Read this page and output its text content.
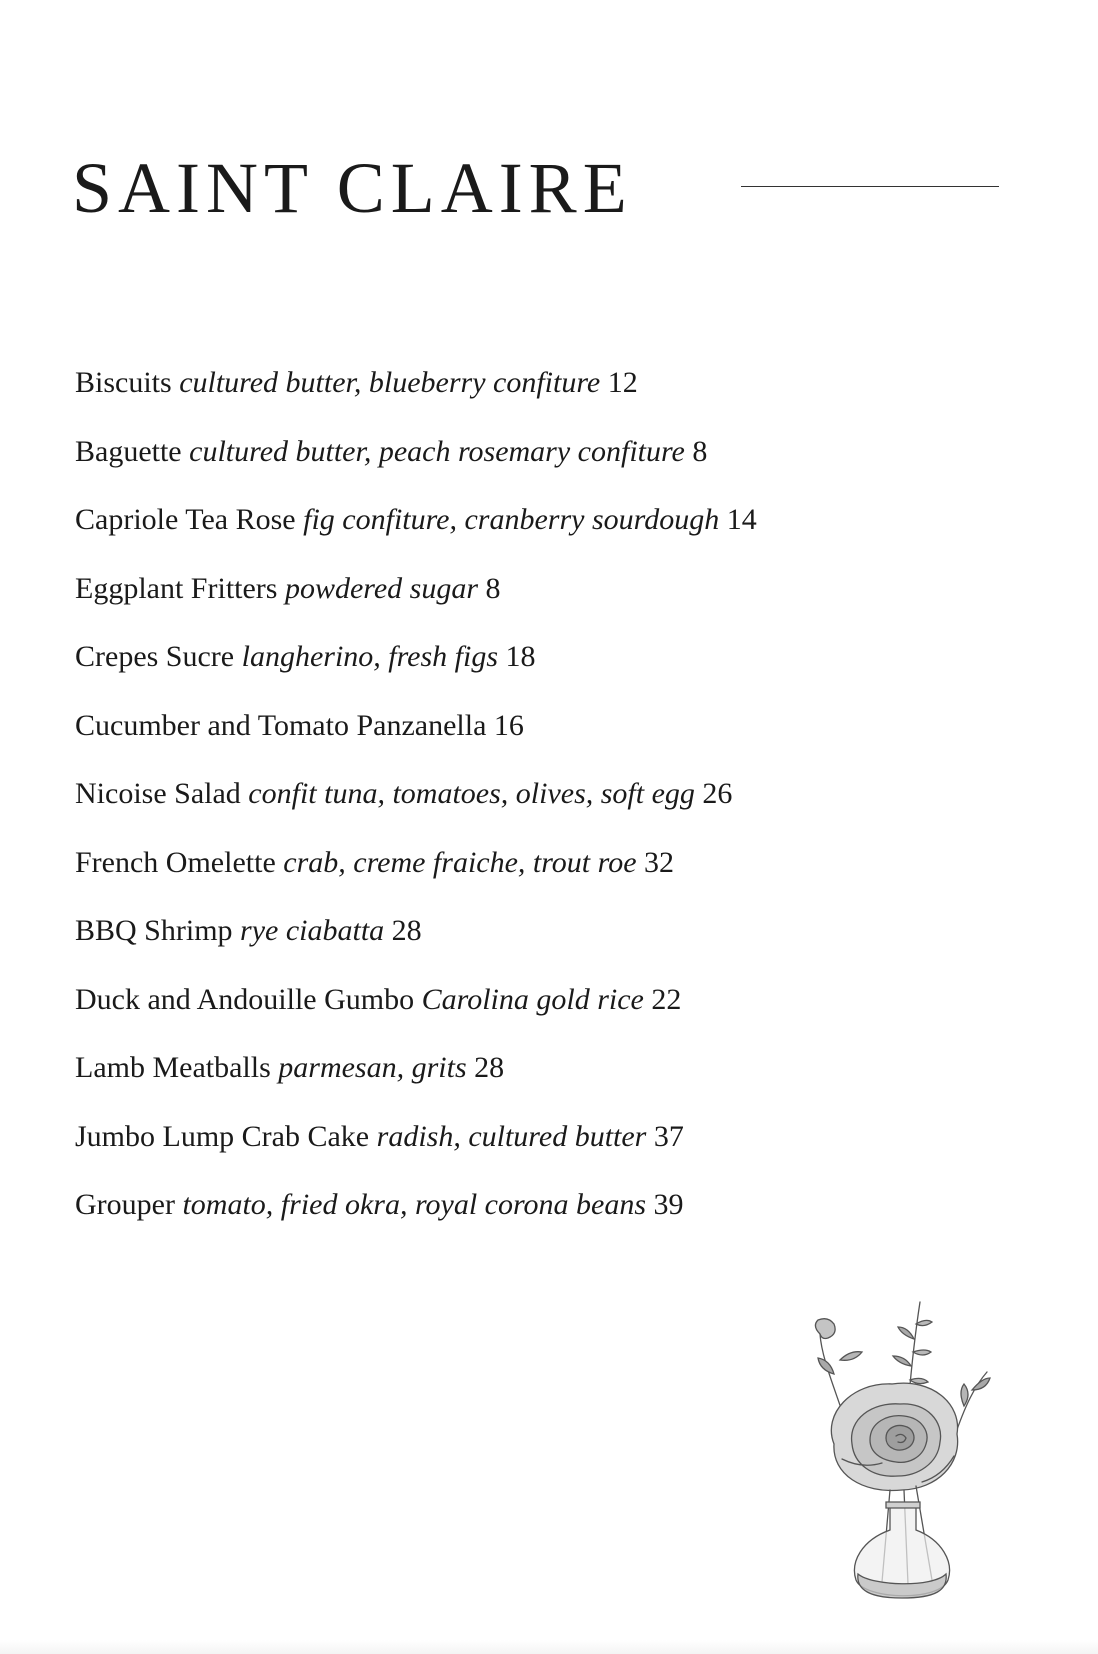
SAINT CLAIRE
Biscuits cultured butter, blueberry confiture 12
Baguette cultured butter, peach rosemary confiture 8
Capriole Tea Rose fig confiture, cranberry sourdough 14
Eggplant Fritters powdered sugar 8
Crepes Sucre langherino, fresh figs 18
Cucumber and Tomato Panzanella 16
Nicoise Salad confit tuna, tomatoes, olives, soft egg 26
French Omelette crab, creme fraiche, trout roe 32
BBQ Shrimp rye ciabatta 28
Duck and Andouille Gumbo Carolina gold rice 22
Lamb Meatballs parmesan, grits 28
Jumbo Lump Crab Cake radish, cultured butter 37
Grouper tomato, fried okra, royal corona beans 39
